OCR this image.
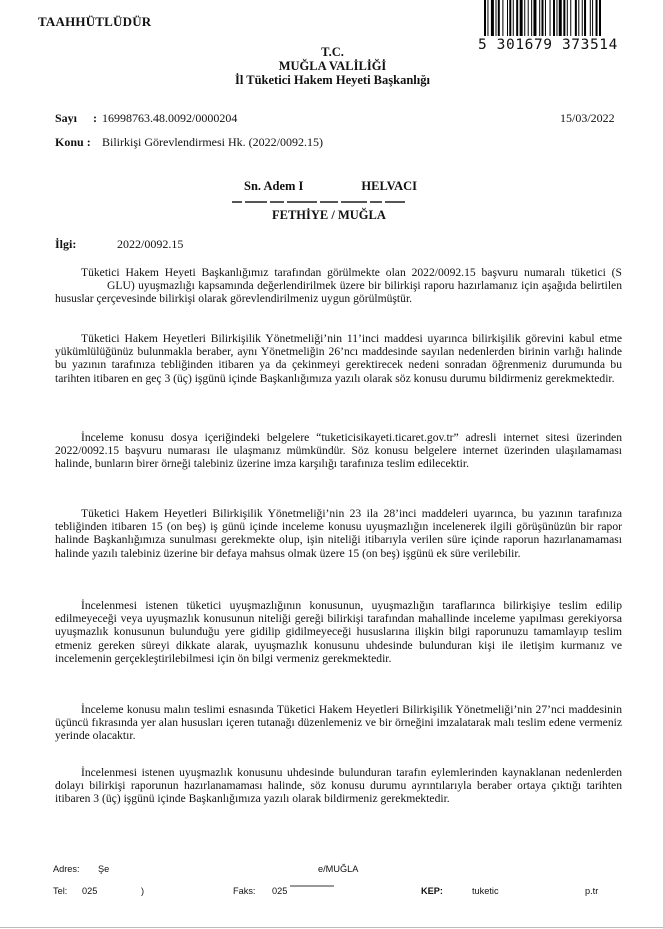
TAAHHÜTLÜDÜR
5 301679 373514
T.C.
MUĞLA VALİLİĞİ
İl Tüketici Hakem Heyeti Başkanlığı
Sayı : 16998763.48.0092/0000204	15/03/2022
Konu : Bilirkişi Görevlendirmesi Hk. (2022/0092.15)
Sn. Adem I	HELVACI
FETHİYE / MUĞLA
İlgi:	2022/0092.15
Tüketici Hakem Heyeti Başkanlığımız tarafından görülmekte olan 2022/0092.15 başvuru numaralı tüketici (SGLU) uyuşmazlığı kapsamında değerlendirilmek üzere bir bilirkişi raporu hazırlamanız için aşağıda belirtilen hususlar çerçevesinde bilirkişi olarak görevlendirilmeniz uygun görülmüştür.
Tüketici Hakem Heyetleri Bilirkişilik Yönetmeliği’nin 11’inci maddesi uyarınca bilirkişilik görevini kabul etme yükümlülüğünüz bulunmakla beraber, aynı Yönetmeliğin 26’ncı maddesinde sayılan nedenlerden birinin varlığı halinde bu yazının tarafınıza tebliğinden itibaren ya da çekinmeyi gerektirecek nedeni sonradan öğrenmeniz durumunda bu tarihten itibaren en geç 3 (üç) işgünü içinde Başkanlığımıza yazılı olarak söz konusu durumu bildirmeniz gerekmektedir.
İnceleme konusu dosya içeriğindeki belgelere “tuketicisikayeti.ticaret.gov.tr” adresli internet sitesi üzerinden 2022/0092.15 başvuru numarası ile ulaşmanız mümkündür. Söz konusu belgelere internet üzerinden ulaşılamaması halinde, bunların birer örneği talebiniz üzerine imza karşılığı tarafınıza teslim edilecektir.
Tüketici Hakem Heyetleri Bilirkişilik Yönetmeliği’nin 23 ila 28’inci maddeleri uyarınca, bu yazının tarafınıza tebliğinden itibaren 15 (on beş) iş günü içinde inceleme konusu uyuşmazlığın incelenerek ilgili görüşünüzün bir rapor halinde Başkanlığımıza sunulması gerekmekte olup, işin niteliği itibarıyla verilen süre içinde raporun hazırlanamaması halinde yazılı talebiniz üzerine bir defaya mahsus olmak üzere 15 (on beş) işgünü ek süre verilebilir.
İncelenmesi istenen tüketici uyuşmazlığının konusunun, uyuşmazlığın taraflarınca bilirkişiye teslim edilip edilmeyeceği veya uyuşmazlık konusunun niteliği gereği bilirkişi tarafından mahallinde inceleme yapılması gerekiyorsa uyuşmazlık konusunun bulunduğu yere gidilip gidilmeyeceği hususlarına ilişkin bilgi raporunuzu tamamlayıp teslim etmeniz gereken süreyi dikkate alarak, uyuşmazlık konusunu uhdesinde bulunduran kişi ile iletişim kurmanız ve incelemenin gerçekleştirilebilmesi için ön bilgi vermeniz gerekmektedir.
İnceleme konusu malın teslimi esnasında Tüketici Hakem Heyetleri Bilirkişilik Yönetmeliği’nin 27’nci maddesinin üçüncü fıkrasında yer alan hususları içeren tutanağı düzenlemeniz ve bir örneğini imzalatarak malı teslim edene vermeniz yerinde olacaktır.
İncelenmesi istenen uyuşmazlık konusunu uhdesinde bulunduran tarafın eylemlerinden kaynaklanan nedenlerden dolayı bilirkişi raporunun hazırlanamaması halinde, söz konusu durumu ayrıntılarıyla beraber ortaya çıktığı tarihten itibaren 3 (üç) işgünü içinde Başkanlığımıza yazılı olarak bildirmeniz gerekmektedir.
Adres: Şe	e/MUĞLA
Tel: 025	)	Faks: 025	KEP:	tuketic	p.tr
